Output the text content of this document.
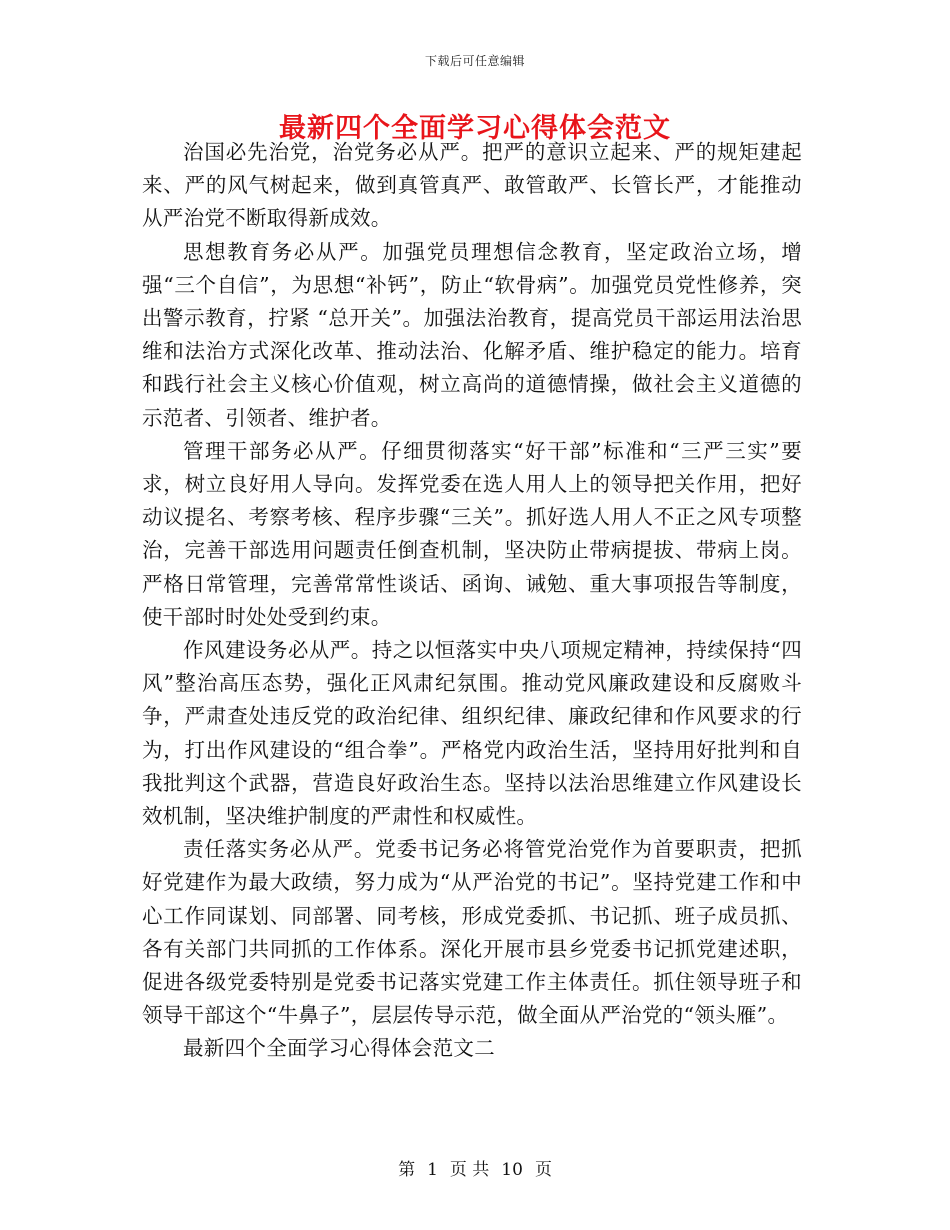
下载后可任意编辑
最新四个全面学习心得体会范文

治国必先治党，治党务必从严。把严的意识立起来、严的规矩建起来、严的风气树起来，做到真管真严、敢管敢严、长管长严，才能推动从严治党不断取得新成效。

思想教育务必从严。加强党员理想信念教育，坚定政治立场，增强“三个自信”，为思想“补钙”，防止“软骨病”。加强党员党性修养，突出警示教育，拧紧 “总开关”。加强法治教育，提高党员干部运用法治思维和法治方式深化改革、推动法治、化解矛盾、维护稳定的能力。培育和践行社会主义核心价值观，树立高尚的道德情操，做社会主义道德的示范者、引领者、维护者。

管理干部务必从严。仔细贯彻落实“好干部”标准和“三严三实”要求，树立良好用人导向。发挥党委在选人用人上的领导把关作用，把好动议提名、考察考核、程序步骤“三关”。抓好选人用人不正之风专项整治，完善干部选用问题责任倒查机制，坚决防止带病提拔、带病上岗。严格日常管理，完善常常性谈话、函询、诫勉、重大事项报告等制度，使干部时时处处受到约束。

作风建设务必从严。持之以恒落实中央八项规定精神，持续保持“四风”整治高压态势，强化正风肃纪氛围。推动党风廉政建设和反腐败斗争，严肃查处违反党的政治纪律、组织纪律、廉政纪律和作风要求的行为，打出作风建设的“组合拳”。严格党内政治生活，坚持用好批判和自我批判这个武器，营造良好政治生态。坚持以法治思维建立作风建设长效机制，坚决维护制度的严肃性和权威性。

责任落实务必从严。党委书记务必将管党治党作为首要职责，把抓好党建作为最大政绩，努力成为“从严治党的书记”。坚持党建工作和中心工作同谋划、同部署、同考核，形成党委抓、书记抓、班子成员抓、各有关部门共同抓的工作体系。深化开展市县乡党委书记抓党建述职，促进各级党委特别是党委书记落实党建工作主体责任。抓住领导班子和领导干部这个“牛鼻子”，层层传导示范，做全面从严治党的“领头雁”。

最新四个全面学习心得体会范文二

第 1 页 共 10 页
